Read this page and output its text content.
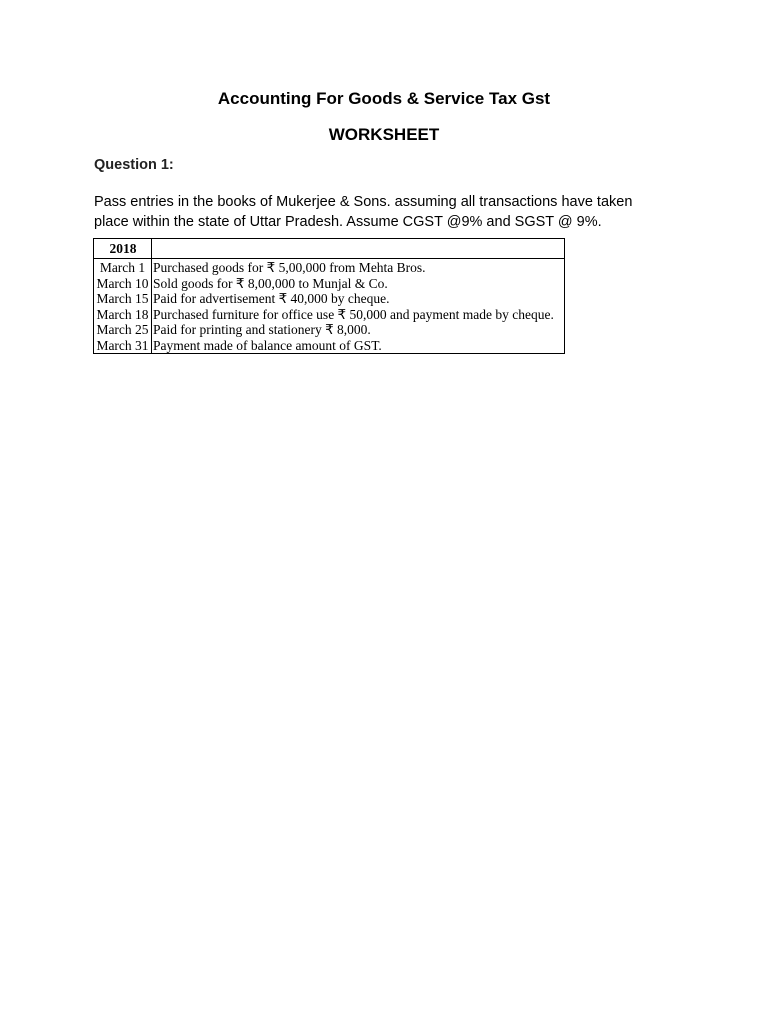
Accounting For Goods & Service Tax Gst
WORKSHEET
Question 1:
Pass entries in the books of Mukerjee & Sons. assuming all transactions have taken place within the state of Uttar Pradesh. Assume CGST @9% and SGST @ 9%.
2018	
March 1	Purchased goods for ₹ 5,00,000 from Mehta Bros.
March 10	Sold goods for ₹ 8,00,000 to Munjal & Co.
March 15	Paid for advertisement ₹ 40,000 by cheque.
March 18	Purchased furniture for office use ₹ 50,000 and payment made by cheque.
March 25	Paid for printing and stationery ₹ 8,000.
March 31	Payment made of balance amount of GST.
